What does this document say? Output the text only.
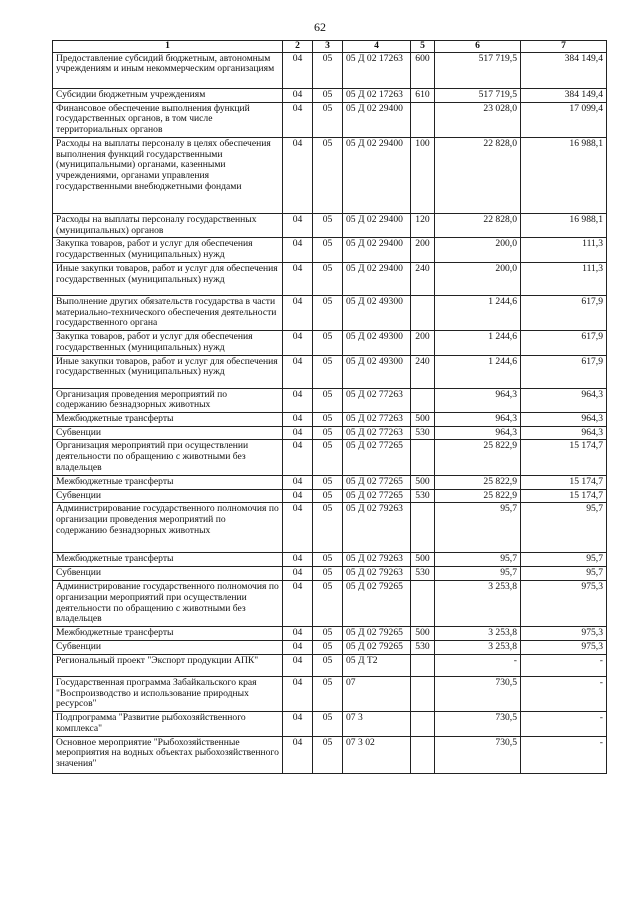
62
1	2	3	4	5	6	7
Предоставление субсидий бюджетным, автономным учреждениям и иным некоммерческим организациям	04	05	05 Д 02 17263	600	517 719,5	384 149,4
Субсидии бюджетным учреждениям	04	05	05 Д 02 17263	610	517 719,5	384 149,4
Финансовое обеспечение выполнения функций государственных органов, в том числе территориальных органов	04	05	05 Д 02 29400		23 028,0	17 099,4
Расходы на выплаты персоналу в целях обеспечения выполнения функций государственными (муниципальными) органами, казенными учреждениями, органами управления государственными внебюджетными фондами	04	05	05 Д 02 29400	100	22 828,0	16 988,1
Расходы на выплаты персоналу государственных (муниципальных) органов	04	05	05 Д 02 29400	120	22 828,0	16 988,1
Закупка товаров, работ и услуг для обеспечения государственных (муниципальных) нужд	04	05	05 Д 02 29400	200	200,0	111,3
Иные закупки товаров, работ и услуг для обеспечения государственных (муниципальных) нужд	04	05	05 Д 02 29400	240	200,0	111,3
Выполнение других обязательств государства в части материально-технического обеспечения деятельности государственного органа	04	05	05 Д 02 49300		1 244,6	617,9
Закупка товаров, работ и услуг для обеспечения государственных (муниципальных) нужд	04	05	05 Д 02 49300	200	1 244,6	617,9
Иные закупки товаров, работ и услуг для обеспечения государственных (муниципальных) нужд	04	05	05 Д 02 49300	240	1 244,6	617,9
Организация проведения мероприятий по содержанию безнадзорных животных	04	05	05 Д 02 77263		964,3	964,3
Межбюджетные трансферты	04	05	05 Д 02 77263	500	964,3	964,3
Субвенции	04	05	05 Д 02 77263	530	964,3	964,3
Организация мероприятий при осуществлении деятельности по обращению с животными без владельцев	04	05	05 Д 02 77265		25 822,9	15 174,7
Межбюджетные трансферты	04	05	05 Д 02 77265	500	25 822,9	15 174,7
Субвенции	04	05	05 Д 02 77265	530	25 822,9	15 174,7
Администрирование государственного полномочия по организации проведения мероприятий по содержанию безнадзорных животных	04	05	05 Д 02 79263		95,7	95,7
Межбюджетные трансферты	04	05	05 Д 02 79263	500	95,7	95,7
Субвенции	04	05	05 Д 02 79263	530	95,7	95,7
Администрирование государственного полномочия по организации мероприятий при осуществлении деятельности по обращению с животными без владельцев	04	05	05 Д 02 79265		3 253,8	975,3
Межбюджетные трансферты	04	05	05 Д 02 79265	500	3 253,8	975,3
Субвенции	04	05	05 Д 02 79265	530	3 253,8	975,3
Региональный проект "Экспорт продукции АПК"	04	05	05 Д Т2		-	-
Государственная программа Забайкальского края "Воспроизводство и использование природных ресурсов"	04	05	07		730,5	-
Подпрограмма "Развитие рыбохозяйственного комплекса"	04	05	07 3		730,5	-
Основное мероприятие "Рыбохозяйственные мероприятия на водных объектах рыбохозяйственного значения"	04	05	07 3 02		730,5	-
